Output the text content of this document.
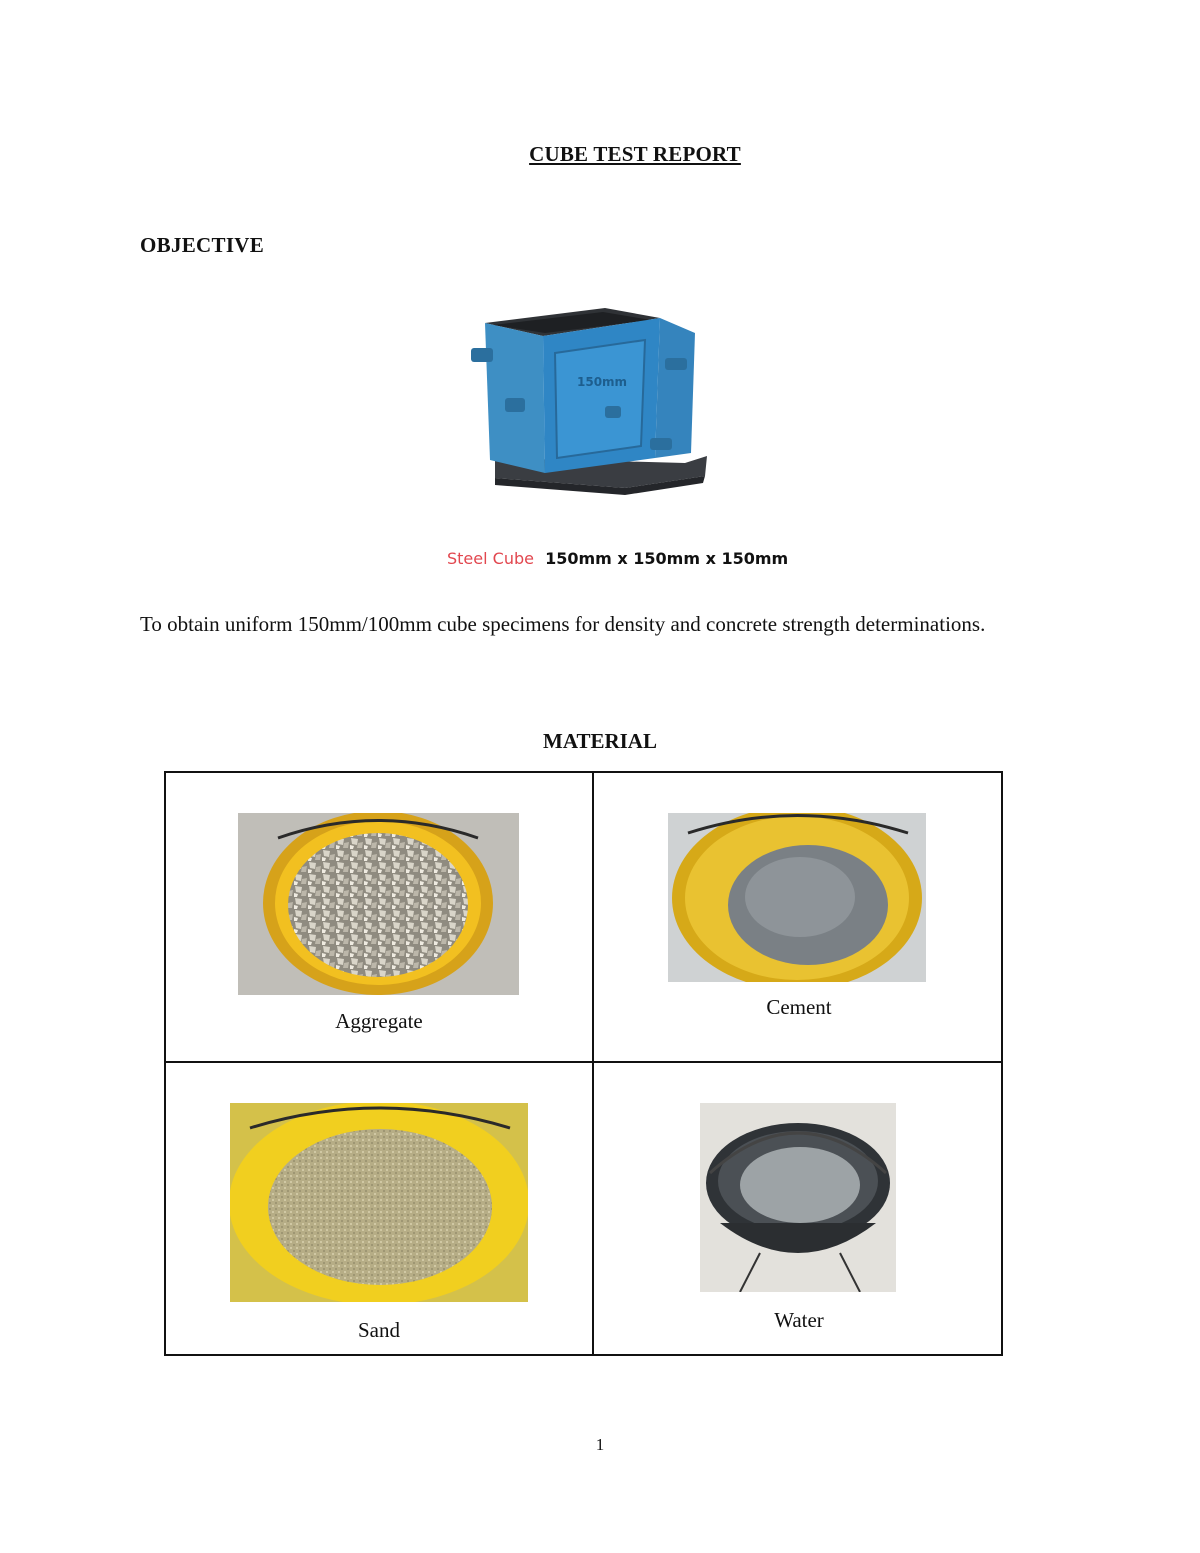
CUBE TEST REPORT
OBJECTIVE
150mm
Steel Cube 150mm x 150mm x 150mm
To obtain uniform 150mm/100mm cube specimens for density and concrete strength determinations.
MATERIAL
Aggregate
Cement
Sand	Water
1
